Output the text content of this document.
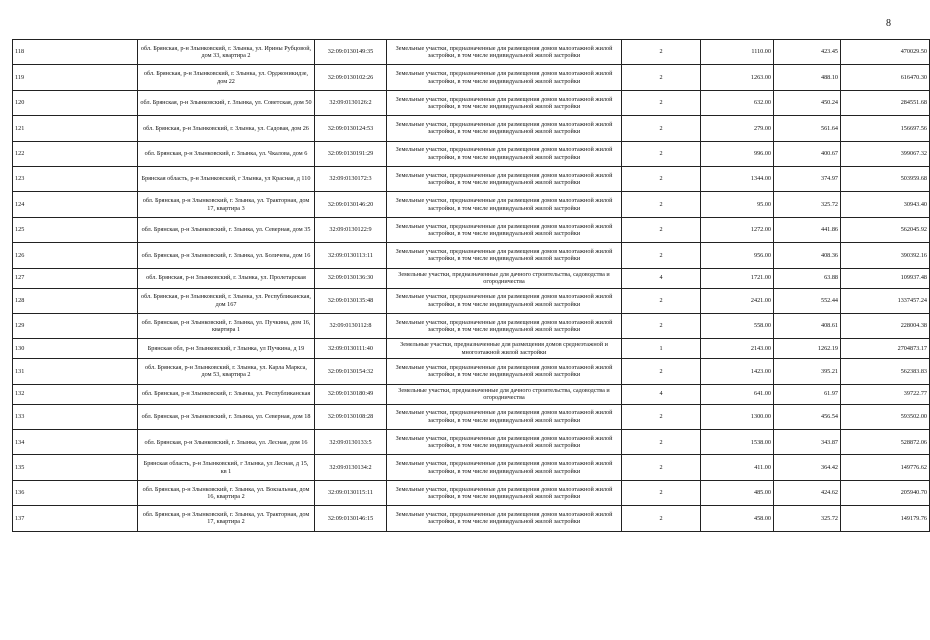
8
118	обл. Брянская, р-н Злынковский, г. Злынка, ул. Ирины Рубцовой, дом 33, квартира 2	32:09:0130149:35	Земельные участки, предназначенные для размещения домов малоэтажной жилой застройки, в том числе индивидуальной жилой застройки	2	1110.00	423.45	470029.50
119	обл. Брянская, р-н Злынковский, г. Злынка, ул. Орджоникидзе, дом 22	32:09:0130102:26	Земельные участки, предназначенные для размещения домов малоэтажной жилой застройки, в том числе индивидуальной жилой застройки	2	1263.00	488.10	616470.30
120	обл. Брянская, р-н Злынковский, г. Злынка, ул. Советская, дом 50	32:09:0130126:2	Земельные участки, предназначенные для размещения домов малоэтажной жилой застройки, в том числе индивидуальной жилой застройки	2	632.00	450.24	284551.68
121	обл. Брянская, р-н Злынковский, г. Злынка, ул. Садовая, дом 26	32:09:0130124:53	Земельные участки, предназначенные для размещения домов малоэтажной жилой застройки, в том числе индивидуальной жилой застройки	2	279.00	561.64	156697.56
122	обл. Брянская, р-н Злынковский, г. Злынка, ул. Чкалова, дом 6	32:09:0130191:29	Земельные участки, предназначенные для размещения домов малоэтажной жилой застройки, в том числе индивидуальной жилой застройки	2	996.00	400.67	399067.32
123	Брянская область, р-н Злынковский, г Злынка, ул Красная, д 110	32:09:0130172:3	Земельные участки, предназначенные для размещения домов малоэтажной жилой застройки, в том числе индивидуальной жилой застройки	2	1344.00	374.97	503959.68
124	обл. Брянская, р-н Злынковский, г. Злынка, ул. Тракторная, дом 17, квартира 3	32:09:0130146:20	Земельные участки, предназначенные для размещения домов малоэтажной жилой застройки, в том числе индивидуальной жилой застройки	2	95.00	325.72	30943.40
125	обл. Брянская, р-н Злынковский, г. Злынка, ул. Северная, дом 35	32:09:0130122:9	Земельные участки, предназначенные для размещения домов малоэтажной жилой застройки, в том числе индивидуальной жилой застройки	2	1272.00	441.86	562045.92
126	обл. Брянская, р-н Злынковский, г. Злынка, ул. Боличева, дом 16	32:09:0130113:11	Земельные участки, предназначенные для размещения домов малоэтажной жилой застройки, в том числе индивидуальной жилой застройки	2	956.00	408.36	390392.16
127	обл. Брянская, р-н Злынковский, г. Злынка, ул. Пролетарская	32:09:0130136:30	Земельные участки, предназначенные для дачного строительства, садоводства и огородничества	4	1721.00	63.88	109937.48
128	обл. Брянская, р-н Злынковский, г. Злынка, ул. Республиканская, дом 167	32:09:0130135:48	Земельные участки, предназначенные для размещения домов малоэтажной жилой застройки, в том числе индивидуальной жилой застройки	2	2421.00	552.44	1337457.24
129	обл. Брянская, р-н Злынковский, г. Злынка, ул. Пучкина, дом 16, квартира 1	32:09:0130112:8	Земельные участки, предназначенные для размещения домов малоэтажной жилой застройки, в том числе индивидуальной жилой застройки	2	558.00	408.61	228004.38
130	Брянская обл, р-н Злынковский, г Злынка, ул Пучкина, д 19	32:09:0130111:40	Земельные участки, предназначенные для размещения домов среднеэтажной и многоэтажной жилой застройки	1	2143.00	1262.19	2704873.17
131	обл. Брянская, р-н Злынковский, г. Злынка, ул. Карла Маркса, дом 53, квартира 2	32:09:0130154:32	Земельные участки, предназначенные для размещения домов малоэтажной жилой застройки, в том числе индивидуальной жилой застройки	2	1423.00	395.21	562383.83
132	обл. Брянская, р-н Злынковский, г. Злынка, ул. Республиканская	32:09:0130180:49	Земельные участки, предназначенные для дачного строительства, садоводства и огородничества	4	641.00	61.97	39722.77
133	обл. Брянская, р-н Злынковский, г. Злынка, ул. Северная, дом 18	32:09:0130108:28	Земельные участки, предназначенные для размещения домов малоэтажной жилой застройки, в том числе индивидуальной жилой застройки	2	1300.00	456.54	593502.00
134	обл. Брянская, р-н Злынковский, г. Злынка, ул. Лесная, дом 16	32:09:0130133:5	Земельные участки, предназначенные для размещения домов малоэтажной жилой застройки, в том числе индивидуальной жилой застройки	2	1538.00	343.87	528872.06
135	Брянская область, р-н Злынковский, г Злынка, ул Лесная, д 15, кв 1	32:09:0130134:2	Земельные участки, предназначенные для размещения домов малоэтажной жилой застройки, в том числе индивидуальной жилой застройки	2	411.00	364.42	149776.62
136	обл. Брянская, р-н Злынковский, г. Злынка, ул. Вокзальная, дом 16, квартира 2	32:09:0130115:11	Земельные участки, предназначенные для размещения домов малоэтажной жилой застройки, в том числе индивидуальной жилой застройки	2	485.00	424.62	205940.70
137	обл. Брянская, р-н Злынковский, г. Злынка, ул. Тракторная, дом 17, квартира 2	32:09:0130146:15	Земельные участки, предназначенные для размещения домов малоэтажной жилой застройки, в том числе индивидуальной жилой застройки	2	458.00	325.72	149179.76
